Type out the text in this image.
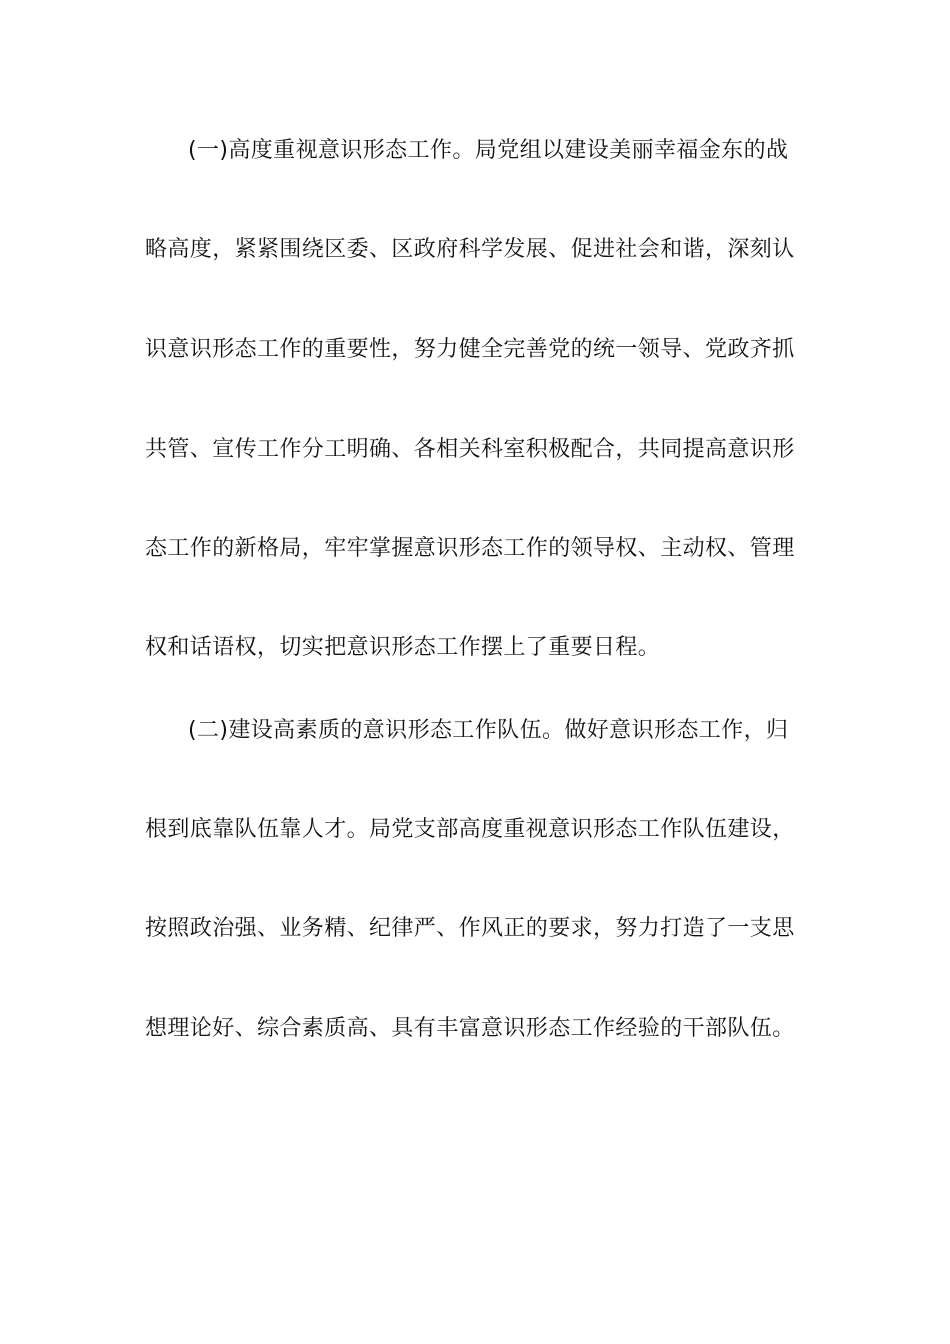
(一)高度重视意识形态工作。局党组以建设美丽幸福金东的战

略高度，紧紧围绕区委、区政府科学发展、促进社会和谐，深刻认

识意识形态工作的重要性，努力健全完善党的统一领导、党政齐抓

共管、宣传工作分工明确、各相关科室积极配合，共同提高意识形

态工作的新格局，牢牢掌握意识形态工作的领导权、主动权、管理

权和话语权，切实把意识形态工作摆上了重要日程。

(二)建设高素质的意识形态工作队伍。做好意识形态工作，归

根到底靠队伍靠人才。局党支部高度重视意识形态工作队伍建设，

按照政治强、业务精、纪律严、作风正的要求，努力打造了一支思

想理论好、综合素质高、具有丰富意识形态工作经验的干部队伍。
